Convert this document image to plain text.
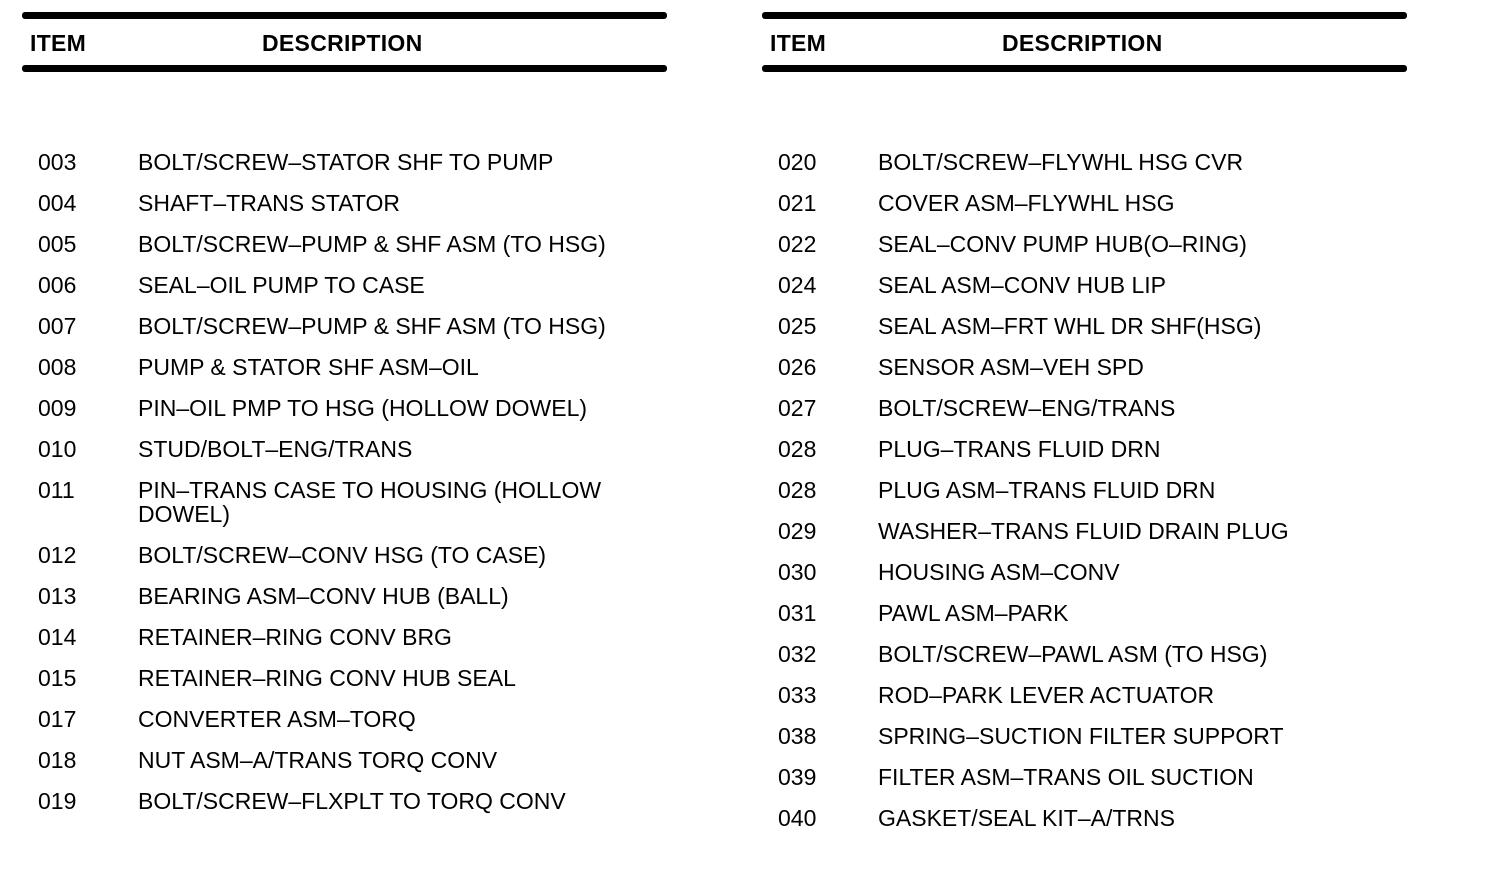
ITEM	DESCRIPTION
003	BOLT/SCREW–STATOR SHF TO PUMP
004	SHAFT–TRANS STATOR
005	BOLT/SCREW–PUMP & SHF ASM (TO HSG)
006	SEAL–OIL PUMP TO CASE
007	BOLT/SCREW–PUMP & SHF ASM (TO HSG)
008	PUMP & STATOR SHF ASM–OIL
009	PIN–OIL PMP TO HSG (HOLLOW DOWEL)
010	STUD/BOLT–ENG/TRANS
011	PIN–TRANS CASE TO HOUSING (HOLLOW DOWEL)
012	BOLT/SCREW–CONV HSG (TO CASE)
013	BEARING ASM–CONV HUB (BALL)
014	RETAINER–RING CONV BRG
015	RETAINER–RING CONV HUB SEAL
017	CONVERTER ASM–TORQ
018	NUT ASM–A/TRANS TORQ CONV
019	BOLT/SCREW–FLXPLT TO TORQ CONV
ITEM	DESCRIPTION
020	BOLT/SCREW–FLYWHL HSG CVR
021	COVER ASM–FLYWHL HSG
022	SEAL–CONV PUMP HUB(O–RING)
024	SEAL ASM–CONV HUB LIP
025	SEAL ASM–FRT WHL DR SHF(HSG)
026	SENSOR ASM–VEH SPD
027	BOLT/SCREW–ENG/TRANS
028	PLUG–TRANS FLUID DRN
028	PLUG ASM–TRANS FLUID DRN
029	WASHER–TRANS FLUID DRAIN PLUG
030	HOUSING ASM–CONV
031	PAWL ASM–PARK
032	BOLT/SCREW–PAWL ASM (TO HSG)
033	ROD–PARK LEVER ACTUATOR
038	SPRING–SUCTION FILTER SUPPORT
039	FILTER ASM–TRANS OIL SUCTION
040	GASKET/SEAL KIT–A/TRNS
